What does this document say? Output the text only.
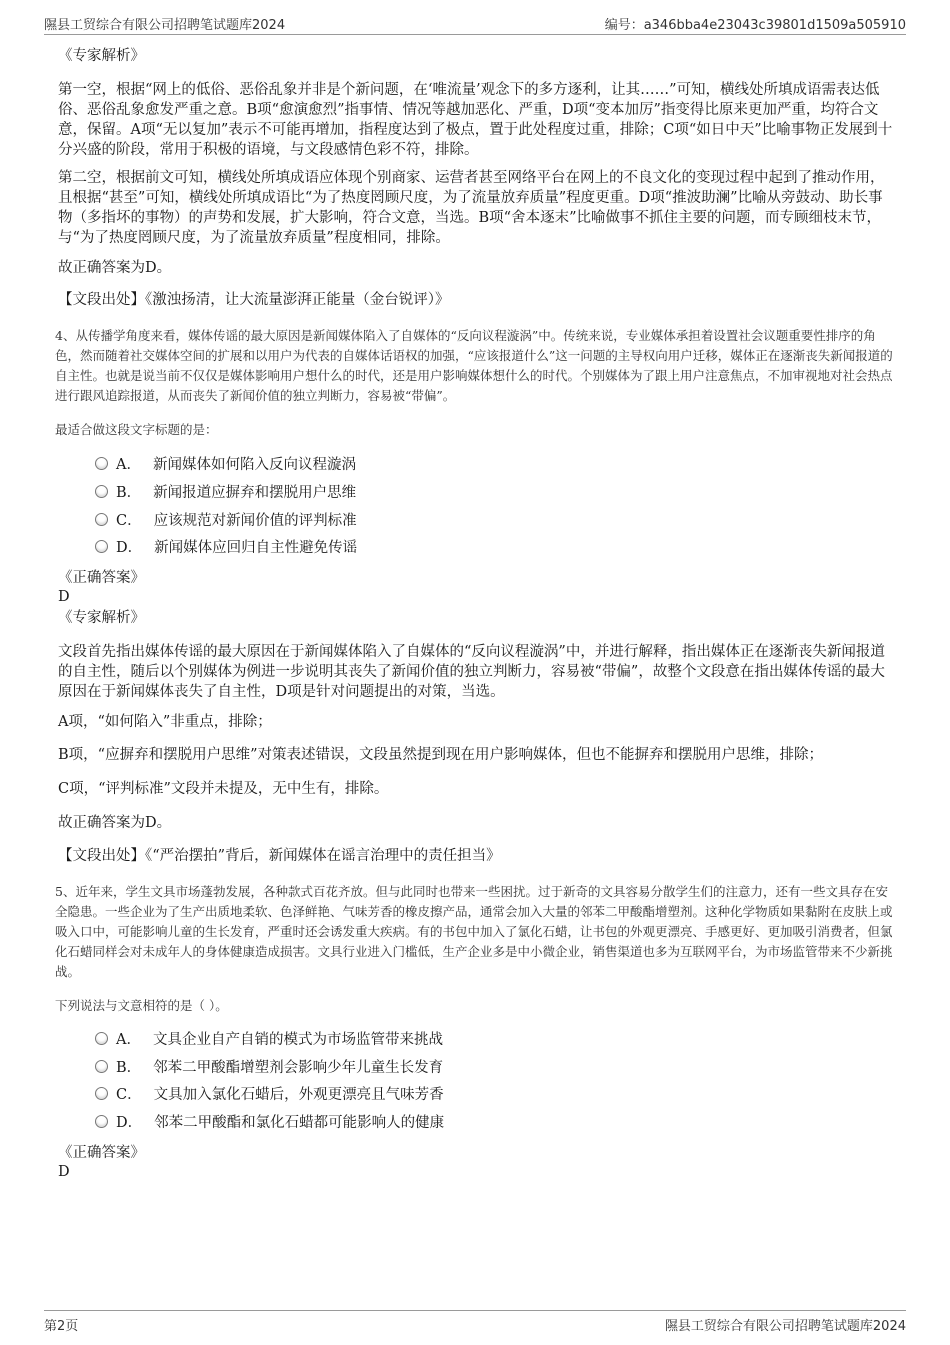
隰县工贸综合有限公司招聘笔试题库2024	编号：a346bba4e23043c39801d1509a505910

《专家解析》

第一空，根据“网上的低俗、恶俗乱象并非是个新问题，在‘唯流量’观念下的多方逐利，让其……”可知，横线处所填成语需表达低俗、恶俗乱象愈发严重之意。B项“愈演愈烈”指事情、情况等越加恶化、严重，D项“变本加厉”指变得比原来更加严重，均符合文意，保留。A项“无以复加”表示不可能再增加，指程度达到了极点，置于此处程度过重，排除；C项“如日中天”比喻事物正发展到十分兴盛的阶段，常用于积极的语境，与文段感情色彩不符，排除。

第二空，根据前文可知，横线处所填成语应体现个别商家、运营者甚至网络平台在网上的不良文化的变现过程中起到了推动作用，且根据“甚至”可知，横线处所填成语比“为了热度罔顾尺度，为了流量放弃质量”程度更重。D项“推波助澜”比喻从旁鼓动、助长事物（多指坏的事物）的声势和发展，扩大影响，符合文意，当选。B项“舍本逐末”比喻做事不抓住主要的问题，而专顾细枝末节，与“为了热度罔顾尺度，为了流量放弃质量”程度相同，排除。

故正确答案为D。

【文段出处】《激浊扬清，让大流量澎湃正能量（金台锐评）》

4、从传播学角度来看，媒体传谣的最大原因是新闻媒体陷入了自媒体的“反向议程漩涡”中。传统来说，专业媒体承担着设置社会议题重要性排序的角色，然而随着社交媒体空间的扩展和以用户为代表的自媒体话语权的加强，“应该报道什么”这一问题的主导权向用户迁移，媒体正在逐渐丧失新闻报道的自主性。也就是说当前不仅仅是媒体影响用户想什么的时代，还是用户影响媒体想什么的时代。个别媒体为了跟上用户注意焦点，不加审视地对社会热点进行跟风追踪报道，从而丧失了新闻价值的独立判断力，容易被“带偏”。

最适合做这段文字标题的是：

A． 新闻媒体如何陷入反向议程漩涡
B． 新闻报道应摒弃和摆脱用户思维
C． 应该规范对新闻价值的评判标准
D． 新闻媒体应回归自主性避免传谣

《正确答案》

D

《专家解析》

文段首先指出媒体传谣的最大原因在于新闻媒体陷入了自媒体的“反向议程漩涡”中，并进行解释，指出媒体正在逐渐丧失新闻报道的自主性，随后以个别媒体为例进一步说明其丧失了新闻价值的独立判断力，容易被“带偏”，故整个文段意在指出媒体传谣的最大原因在于新闻媒体丧失了自主性，D项是针对问题提出的对策，当选。

A项，“如何陷入”非重点，排除；

B项，“应摒弃和摆脱用户思维”对策表述错误，文段虽然提到现在用户影响媒体，但也不能摒弃和摆脱用户思维，排除；

C项，“评判标准”文段并未提及，无中生有，排除。

故正确答案为D。

【文段出处】《“严治摆拍”背后，新闻媒体在谣言治理中的责任担当》

5、近年来，学生文具市场蓬勃发展，各种款式百花齐放。但与此同时也带来一些困扰。过于新奇的文具容易分散学生们的注意力，还有一些文具存在安全隐患。一些企业为了生产出质地柔软、色泽鲜艳、气味芳香的橡皮擦产品，通常会加入大量的邻苯二甲酸酯增塑剂。这种化学物质如果黏附在皮肤上或吸入口中，可能影响儿童的生长发育，严重时还会诱发重大疾病。有的书包中加入了氯化石蜡，让书包的外观更漂亮、手感更好、更加吸引消费者，但氯化石蜡同样会对未成年人的身体健康造成损害。文具行业进入门槛低，生产企业多是中小微企业，销售渠道也多为互联网平台，为市场监管带来不少新挑战。

下列说法与文意相符的是（ ）。

A． 文具企业自产自销的模式为市场监管带来挑战
B． 邻苯二甲酸酯增塑剂会影响少年儿童生长发育
C． 文具加入氯化石蜡后，外观更漂亮且气味芳香
D． 邻苯二甲酸酯和氯化石蜡都可能影响人的健康

《正确答案》

D

第2页	隰县工贸综合有限公司招聘笔试题库2024
